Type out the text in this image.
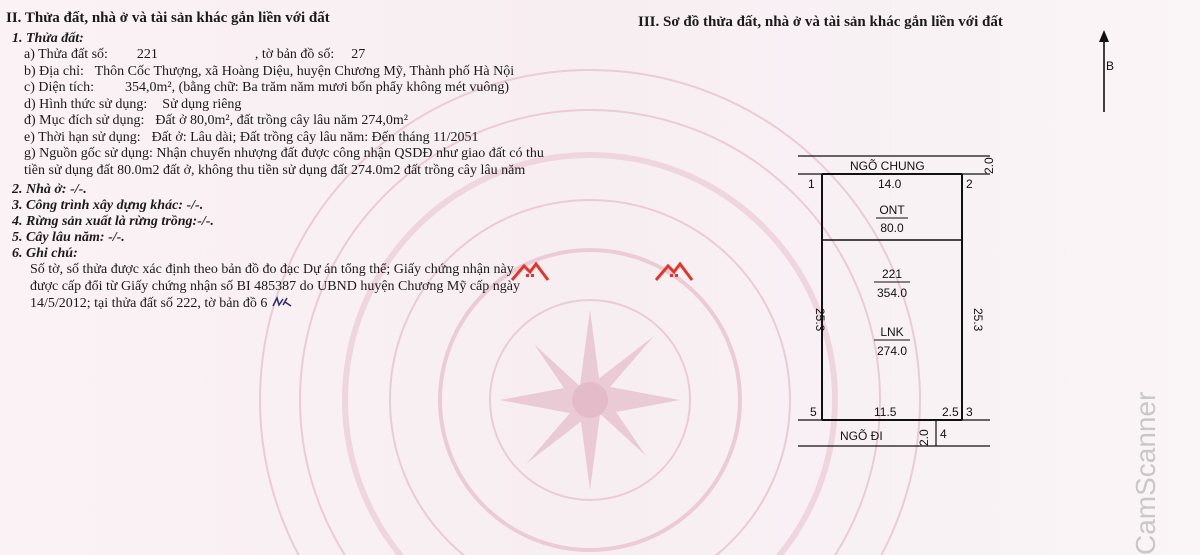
II. Thửa đất, nhà ở và tài sản khác gắn liền với đất
1. Thửa đất:
a) Thửa đất số: 221	, tờ bản đồ số: 27
b) Địa chỉ: Thôn Cốc Thượng, xã Hoàng Diệu, huyện Chương Mỹ, Thành phố Hà Nội
c) Diện tích: 354,0m², (bằng chữ: Ba trăm năm mươi bốn phẩy không mét vuông)
d) Hình thức sử dụng: Sử dụng riêng
đ) Mục đích sử dụng: Đất ở 80,0m², đất trồng cây lâu năm 274,0m²
e) Thời hạn sử dụng: Đất ở: Lâu dài; Đất trồng cây lâu năm: Đến tháng 11/2051
g) Nguồn gốc sử dụng: Nhận chuyển nhượng đất được công nhận QSDĐ như giao đất có thu tiền sử dụng đất 80.0m2 đất ở, không thu tiền sử dụng đất 274.0m2 đất trồng cây lâu năm
2. Nhà ở: -/-.
3. Công trình xây dựng khác: -/-.
4. Rừng sản xuất là rừng trồng:-/-.
5. Cây lâu năm: -/-.
6. Ghi chú:
Số tờ, số thửa được xác định theo bản đồ đo đạc Dự án tổng thể; Giấy chứng nhận này được cấp đổi từ Giấy chứng nhận số BI 485387 do UBND huyện Chương Mỹ cấp ngày 14/5/2012; tại thửa đất số 222, tờ bản đồ 6
III. Sơ đồ thửa đất, nhà ở và tài sản khác gắn liền với đất
NGÕ CHUNG	2.0
1	2
3
4
5
14.0
25.3	25.3
11.5	2.5
ONT
80.0
221
354.0
LNK
274.0
NGÕ ĐI	2.0
B
CamScanner
